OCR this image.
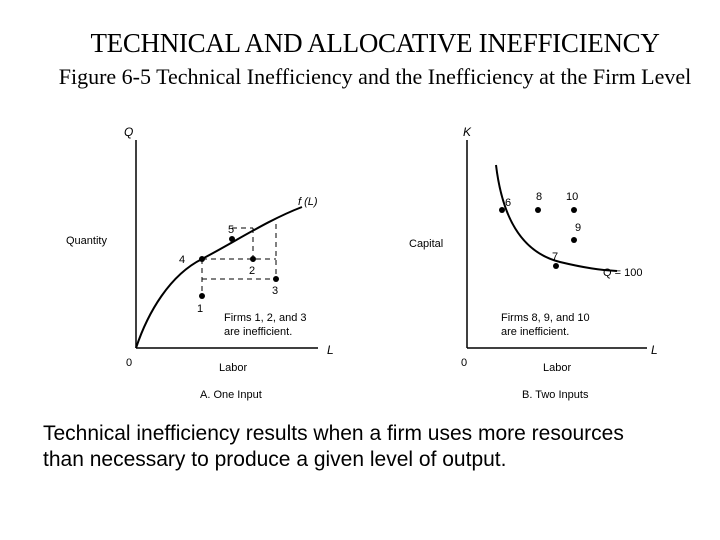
TECHNICAL AND ALLOCATIVE INEFFICIENCY
Figure 6-5 Technical Inefficiency and the Inefficiency at the Firm Level
Q
L
0
Quantity
Labor
f (L)
1
2
3
4
5
Firms 1, 2, and 3
are inefficient.
A. One Input
K
L
0
Capital
Labor
Q = 100
6
7
8
9
10
Firms 8, 9, and 10
are inefficient.
B. Two Inputs
Technical inefficiency results when a firm uses more resources than necessary to produce a given level of output.
